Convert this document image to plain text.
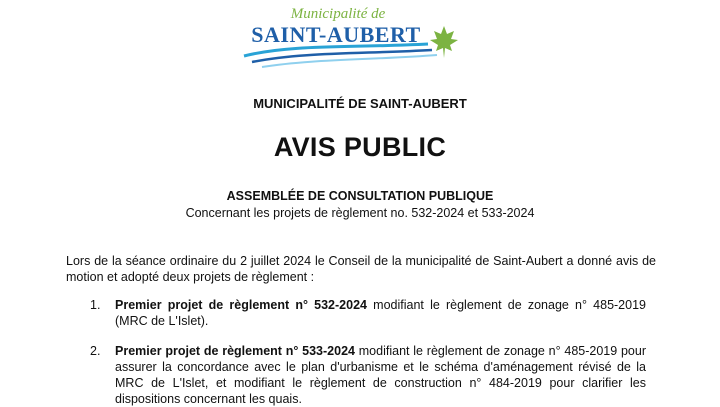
Municipalité de
SAINT-AUBERT
MUNICIPALITÉ DE SAINT-AUBERT
AVIS PUBLIC
ASSEMBLÉE DE CONSULTATION PUBLIQUE
Concernant les projets de règlement no. 532-2024 et 533-2024
Lors de la séance ordinaire du 2 juillet 2024 le Conseil de la municipalité de Saint-Aubert a donné avis de motion et adopté deux projets de règlement :
1. Premier projet de règlement n° 532-2024 modifiant le règlement de zonage n° 485-2019 (MRC de L'Islet).
2. Premier projet de règlement n° 533-2024 modifiant le règlement de zonage n° 485-2019 pour assurer la concordance avec le plan d'urbanisme et le schéma d'aménagement révisé de la MRC de L'Islet, et modifiant le règlement de construction n° 484-2019 pour clarifier les dispositions concernant les quais.
